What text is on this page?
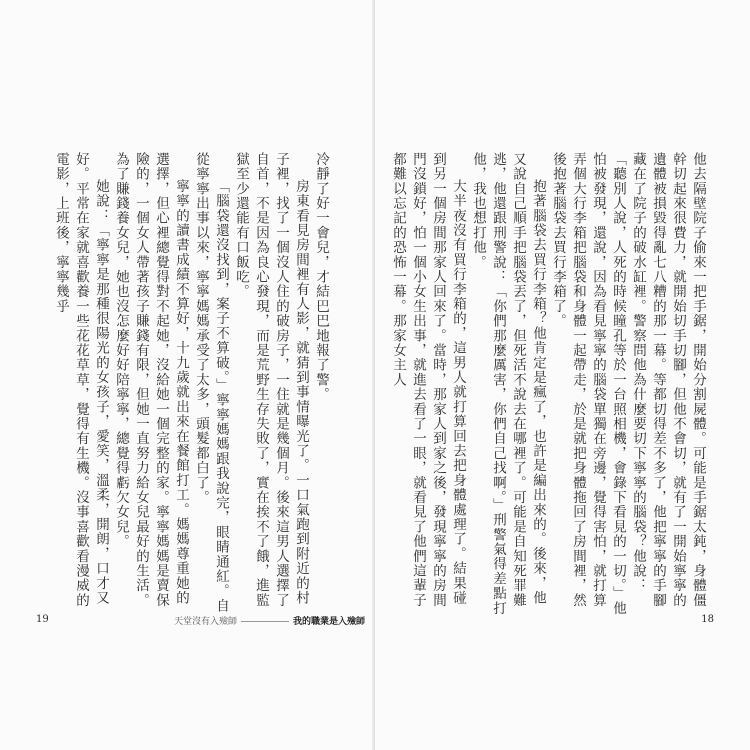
冷靜了好一會兒，才結巴巴地報了警。

房東看見房間裡有人影，就猜到事情曝光了。一口氣跑到附近的村子裡，找了一個沒人住的破房子，一住就是幾個月。後來這男人選擇了自首，不是因為良心發現，而是荒野生存失敗了，實在挨不了餓，進監獄至少還能有口飯吃。

「腦袋還沒找到，案子不算破。」寧寧媽媽跟我說完，眼睛通紅。自從寧寧出事以來，寧寧媽媽承受了太多，頭髮都白了。

寧寧的讀書成績不算好，十九歲就出來在餐館打工。媽媽尊重她的選擇，但心裡總覺得對不起她，沒給她一個完整的家。寧寧媽媽是賣保險的，一個女人帶著孩子賺錢有限，但她一直努力給女兒最好的生活。為了賺錢養女兒，她也沒怎麼好好陪寧寧，總覺得虧欠女兒。

她說：「寧寧是那種很陽光的女孩子，愛笑，溫柔，開朗，口才又好。平常在家就喜歡養一些花花草草，覺得有生機。沒事喜歡看漫威的電影，上班後，寧寧幾乎

19	天堂沒有入殮師	我的職業是入殮師

他去隔壁院子偷來一把手鋸，開始分割屍體。可能是手鋸太鈍，身體僵幹切起來很費力，就開始切手切腳，但他不會切，就有了一開始寧寧的遺體被損毀得亂七八糟的那一幕。等都切得差不多了，他把寧寧的手腳藏在了院子的破水缸裡。警察問他為什麼要切下寧寧的腦袋？他說：「聽別人說，人死的時候瞳孔等於一台照相機，會錄下看見的一切。」他怕被發現，還說，因為看見寧寧的腦袋單獨在旁邊，覺得害怕，就打算弄個大行李箱把腦袋和身體一起帶走，於是就把身體拖回了房間裡，然後抱著腦袋去買行李箱了。

抱著腦袋去買行李箱？他肯定是瘋了，也許是編出來的。後來，他又說自己順手把腦袋丟了，但死活不說去在哪裡了。可能是自知死罪難逃，他還跟刑警說：「你們那麼厲害，你們自己找啊。」刑警氣得差點打他，我也想打他。

大半夜沒有買行李箱的，這男人就打算回去把身體處理了。結果碰到另一個房間那家人回來了。當時，那家人到家之後，發現寧寧的房間門沒鎖好，怕一個小女生出事，就進去看了一眼，就看見了他們這輩子都難以忘記的恐怖一幕。那家女主人

18
